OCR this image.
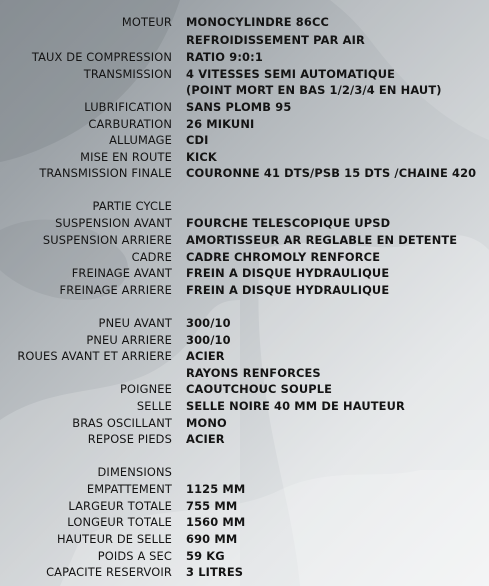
MOTEUR MONOCYLINDRE 86CC
REFROIDISSEMENT PAR AIR
TAUX DE COMPRESSION RATIO 9:0:1
TRANSMISSION 4 VITESSES SEMI AUTOMATIQUE
(POINT MORT EN BAS 1/2/3/4 EN HAUT)
LUBRIFICATION SANS PLOMB 95
CARBURATION 26 MIKUNI
ALLUMAGE CDI
MISE EN ROUTE KICK
TRANSMISSION FINALE COURONNE 41 DTS/PSB 15 DTS /CHAINE 420
PARTIE CYCLE
SUSPENSION AVANT FOURCHE TELESCOPIQUE UPSD
SUSPENSION ARRIERE AMORTISSEUR AR REGLABLE EN DETENTE
CADRE CADRE CHROMOLY RENFORCE
FREINAGE AVANT FREIN A DISQUE HYDRAULIQUE
FREINAGE ARRIERE FREIN A DISQUE HYDRAULIQUE
PNEU AVANT 300/10
PNEU ARRIERE 300/10
ROUES AVANT ET ARRIERE ACIER
RAYONS RENFORCES
POIGNEE CAOUTCHOUC SOUPLE
SELLE SELLE NOIRE 40 MM DE HAUTEUR
BRAS OSCILLANT MONO
REPOSE PIEDS ACIER
DIMENSIONS
EMPATTEMENT 1125 MM
LARGEUR TOTALE 755 MM
LONGEUR TOTALE 1560 MM
HAUTEUR DE SELLE 690 MM
POIDS A SEC 59 KG
CAPACITE RESERVOIR 3 LITRES
